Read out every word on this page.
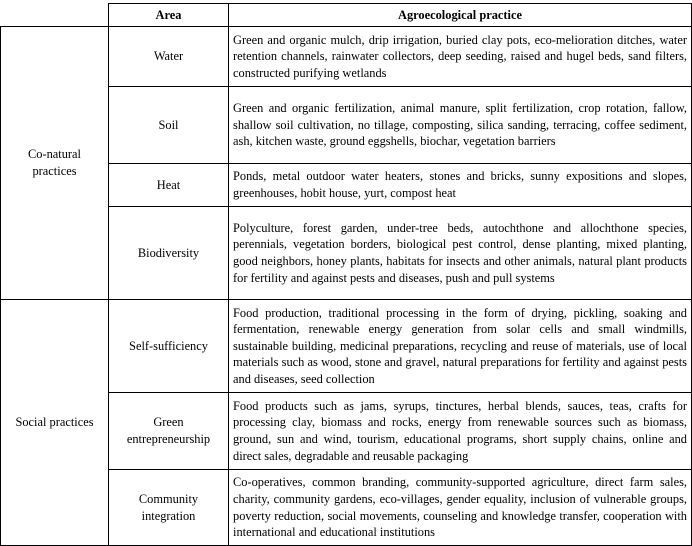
	Area	Agroecological practice
Co-natural practices	Water	Green and organic mulch, drip irrigation, buried clay pots, eco-melioration ditches, water retention channels, rainwater collectors, deep seeding, raised and hugel beds, sand filters, constructed purifying wetlands
	Soil	Green and organic fertilization, animal manure, split fertilization, crop rotation, fallow, shallow soil cultivation, no tillage, composting, silica sanding, terracing, coffee sediment, ash, kitchen waste, ground eggshells, biochar, vegetation barriers
	Heat	Ponds, metal outdoor water heaters, stones and bricks, sunny expositions and slopes, greenhouses, hobit house, yurt, compost heat
	Biodiversity	Polyculture, forest garden, under-tree beds, autochthone and allochthone species, perennials, vegetation borders, biological pest control, dense planting, mixed planting, good neighbors, honey plants, habitats for insects and other animals, natural plant products for fertility and against pests and diseases, push and pull systems
Social practices	Self-sufficiency	Food production, traditional processing in the form of drying, pickling, soaking and fermentation, renewable energy generation from solar cells and small windmills, sustainable building, medicinal preparations, recycling and reuse of materials, use of local materials such as wood, stone and gravel, natural preparations for fertility and against pests and diseases, seed collection
	Green entrepreneurship	Food products such as jams, syrups, tinctures, herbal blends, sauces, teas, crafts for processing clay, biomass and rocks, energy from renewable sources such as biomass, ground, sun and wind, tourism, educational programs, short supply chains, online and direct sales, degradable and reusable packaging
	Community integration	Co-operatives, common branding, community-supported agriculture, direct farm sales, charity, community gardens, eco-villages, gender equality, inclusion of vulnerable groups, poverty reduction, social movements, counseling and knowledge transfer, cooperation with international and educational institutions
